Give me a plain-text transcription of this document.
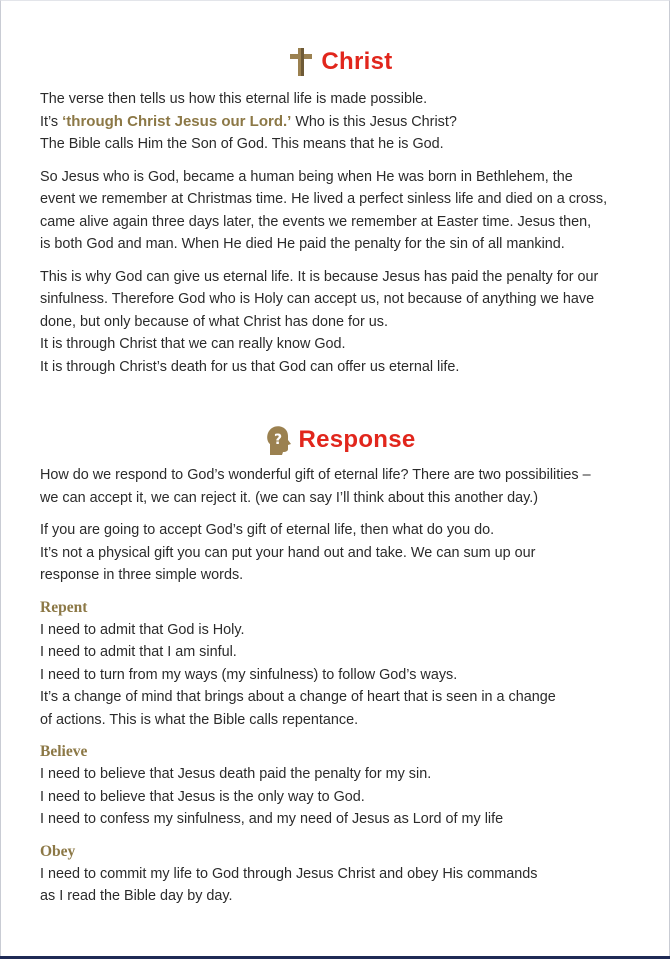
Christ

The verse then tells us how this eternal life is made possible.
It’s ‘through Christ Jesus our Lord.’ Who is this Jesus Christ?
The Bible calls Him the Son of God. This means that he is God.

So Jesus who is God, became a human being when He was born in Bethlehem, the
event we remember at Christmas time. He lived a perfect sinless life and died on a cross,
came alive again three days later, the events we remember at Easter time. Jesus then,
is both God and man. When He died He paid the penalty for the sin of all mankind.

This is why God can give us eternal life. It is because Jesus has paid the penalty for our
sinfulness. Therefore God who is Holy can accept us, not because of anything we have
done, but only because of what Christ has done for us.
It is through Christ that we can really know God.
It is through Christ’s death for us that God can offer us eternal life.

? Response

How do we respond to God’s wonderful gift of eternal life? There are two possibilities –
we can accept it, we can reject it. (we can say I’ll think about this another day.)

If you are going to accept God’s gift of eternal life, then what do you do.
It’s not a physical gift you can put your hand out and take. We can sum up our
response in three simple words.

Repent

I need to admit that God is Holy.
I need to admit that I am sinful.
I need to turn from my ways (my sinfulness) to follow God’s ways.
It’s a change of mind that brings about a change of heart that is seen in a change
of actions. This is what the Bible calls repentance.

Believe

I need to believe that Jesus death paid the penalty for my sin.
I need to believe that Jesus is the only way to God.
I need to confess my sinfulness, and my need of Jesus as Lord of my life

Obey

I need to commit my life to God through Jesus Christ and obey His commands
as I read the Bible day by day.
